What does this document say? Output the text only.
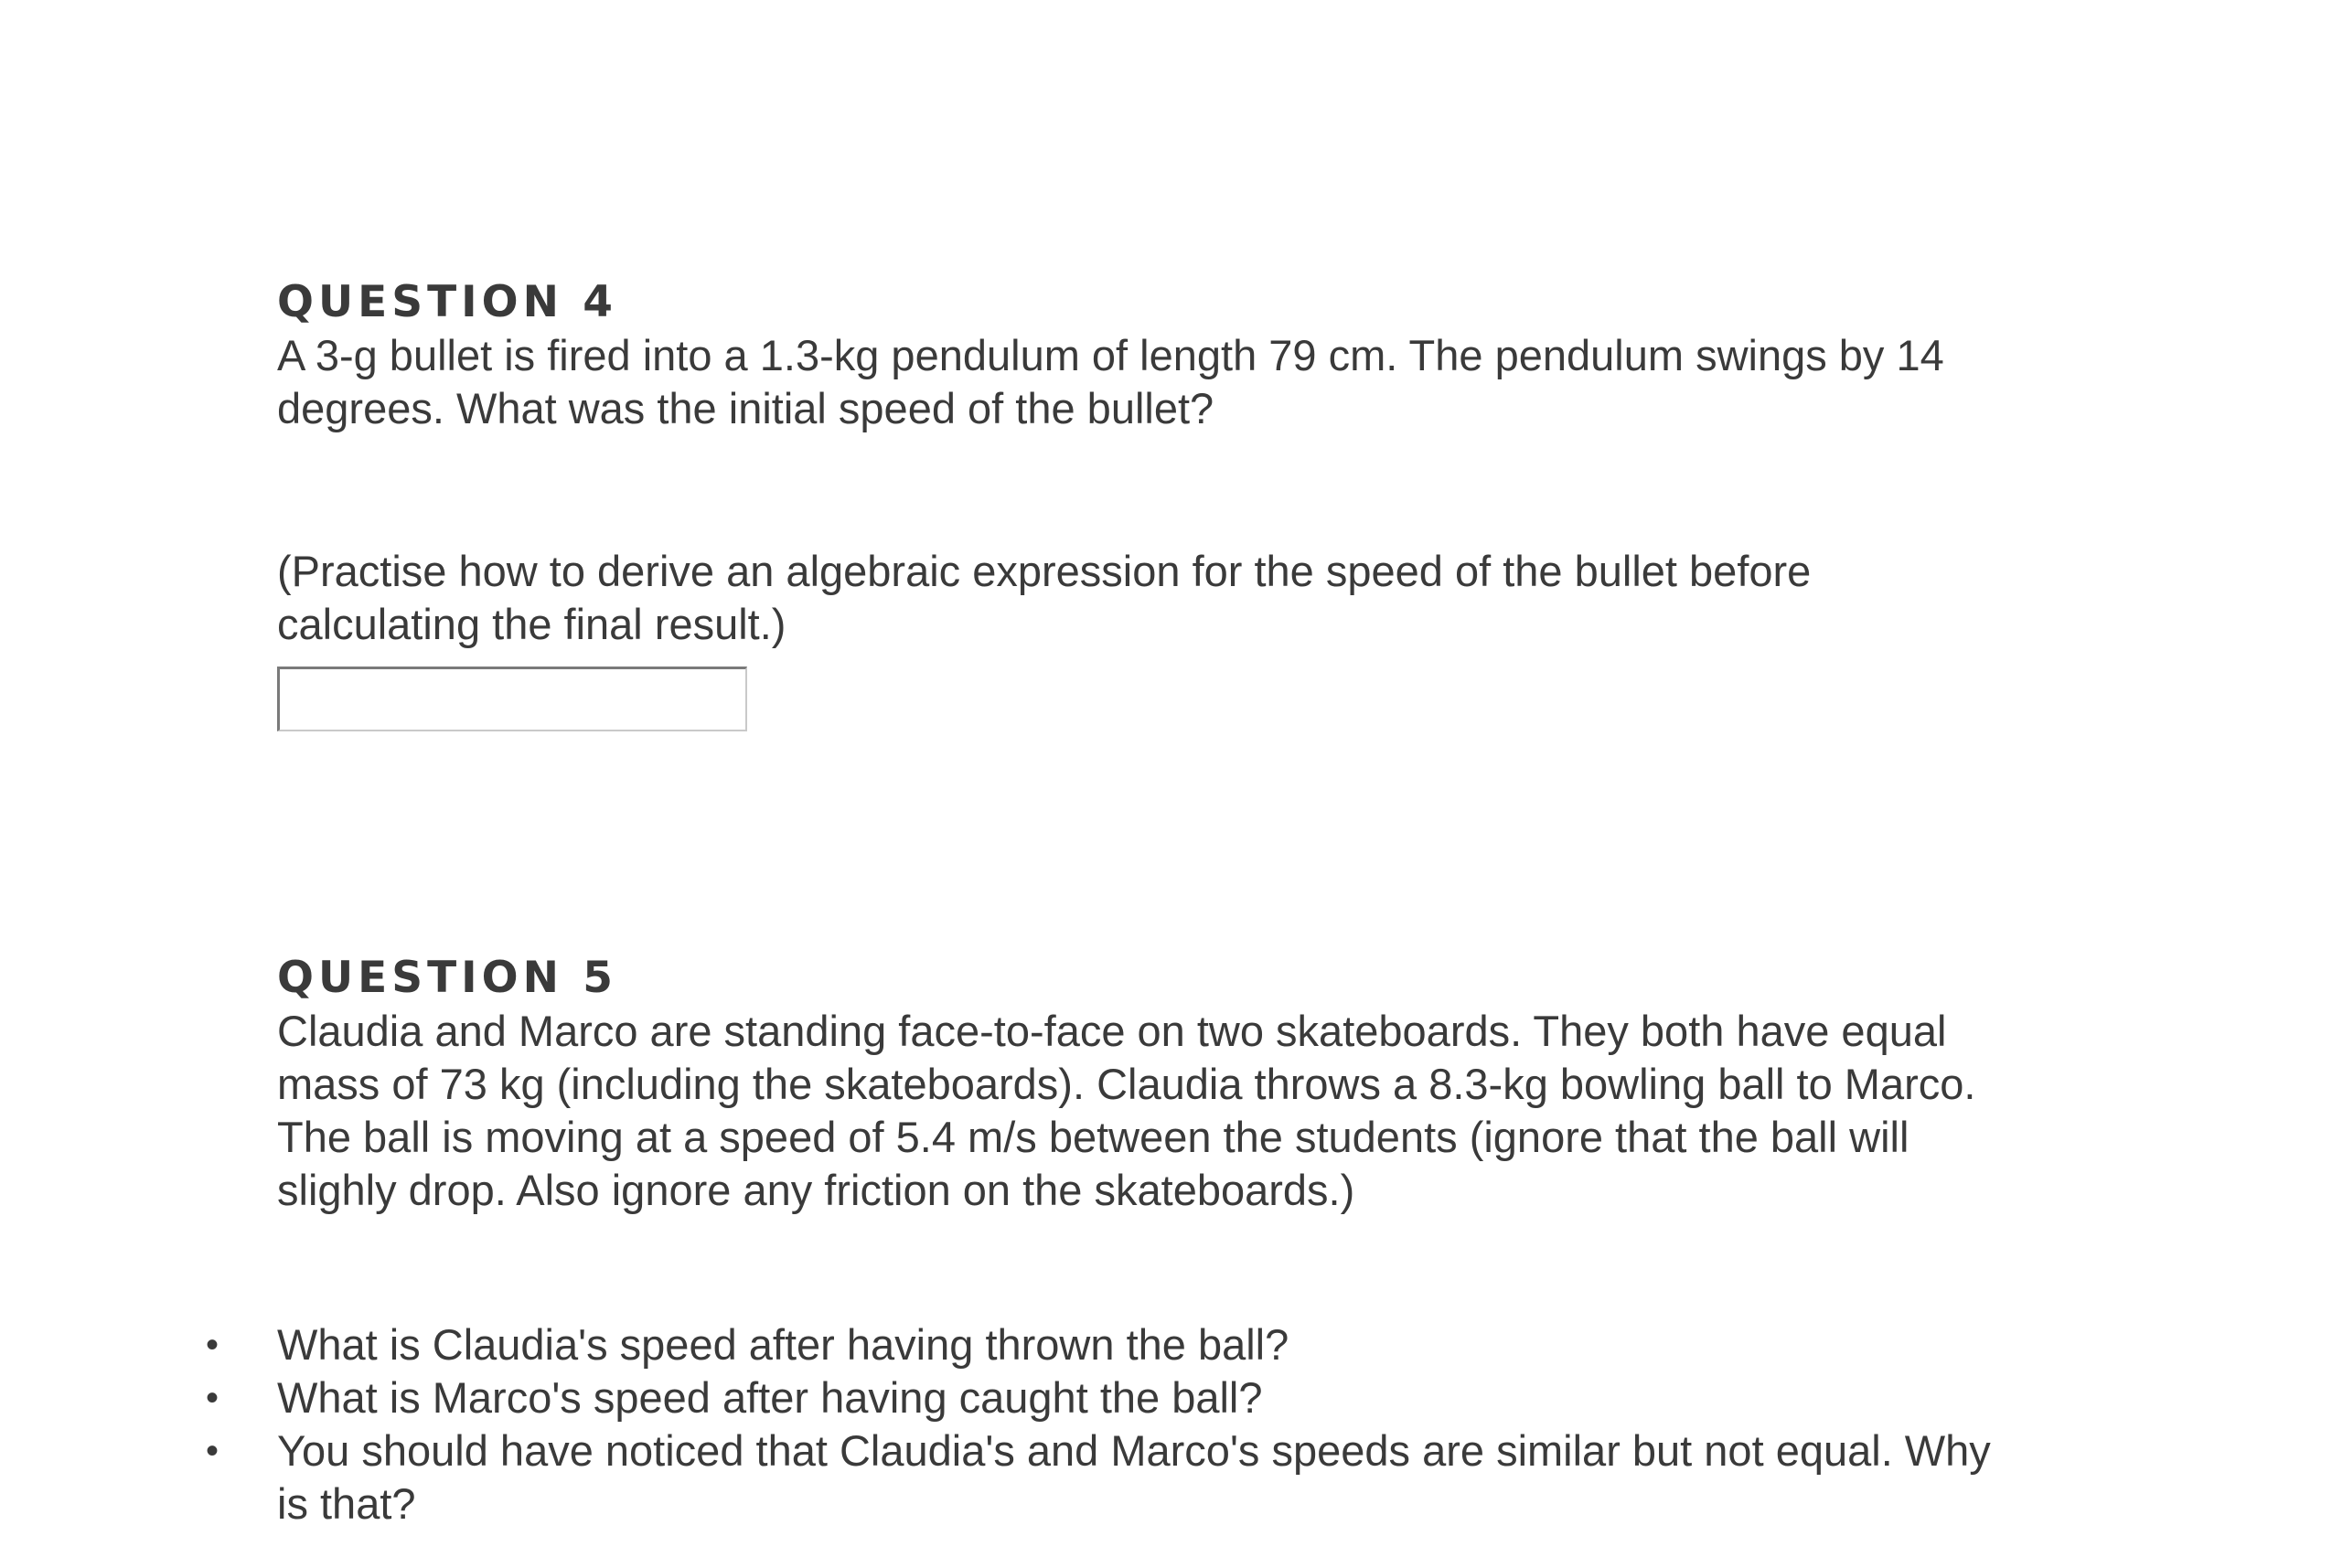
QUESTION 4

A 3-g bullet is fired into a 1.3-kg pendulum of length 79 cm. The pendulum swings by 14 degrees. What was the initial speed of the bullet?

(Practise how to derive an algebraic expression for the speed of the bullet before calculating the final result.)

QUESTION 5

Claudia and Marco are standing face-to-face on two skateboards. They both have equal mass of 73 kg (including the skateboards). Claudia throws a 8.3-kg bowling ball to Marco.

The ball is moving at a speed of 5.4 m/s between the students (ignore that the ball will slighly drop. Also ignore any friction on the skateboards.)

• What is Claudia's speed after having thrown the ball?
• What is Marco's speed after having caught the ball?
• You should have noticed that Claudia's and Marco's speeds are similar but not equal. Why is that?
